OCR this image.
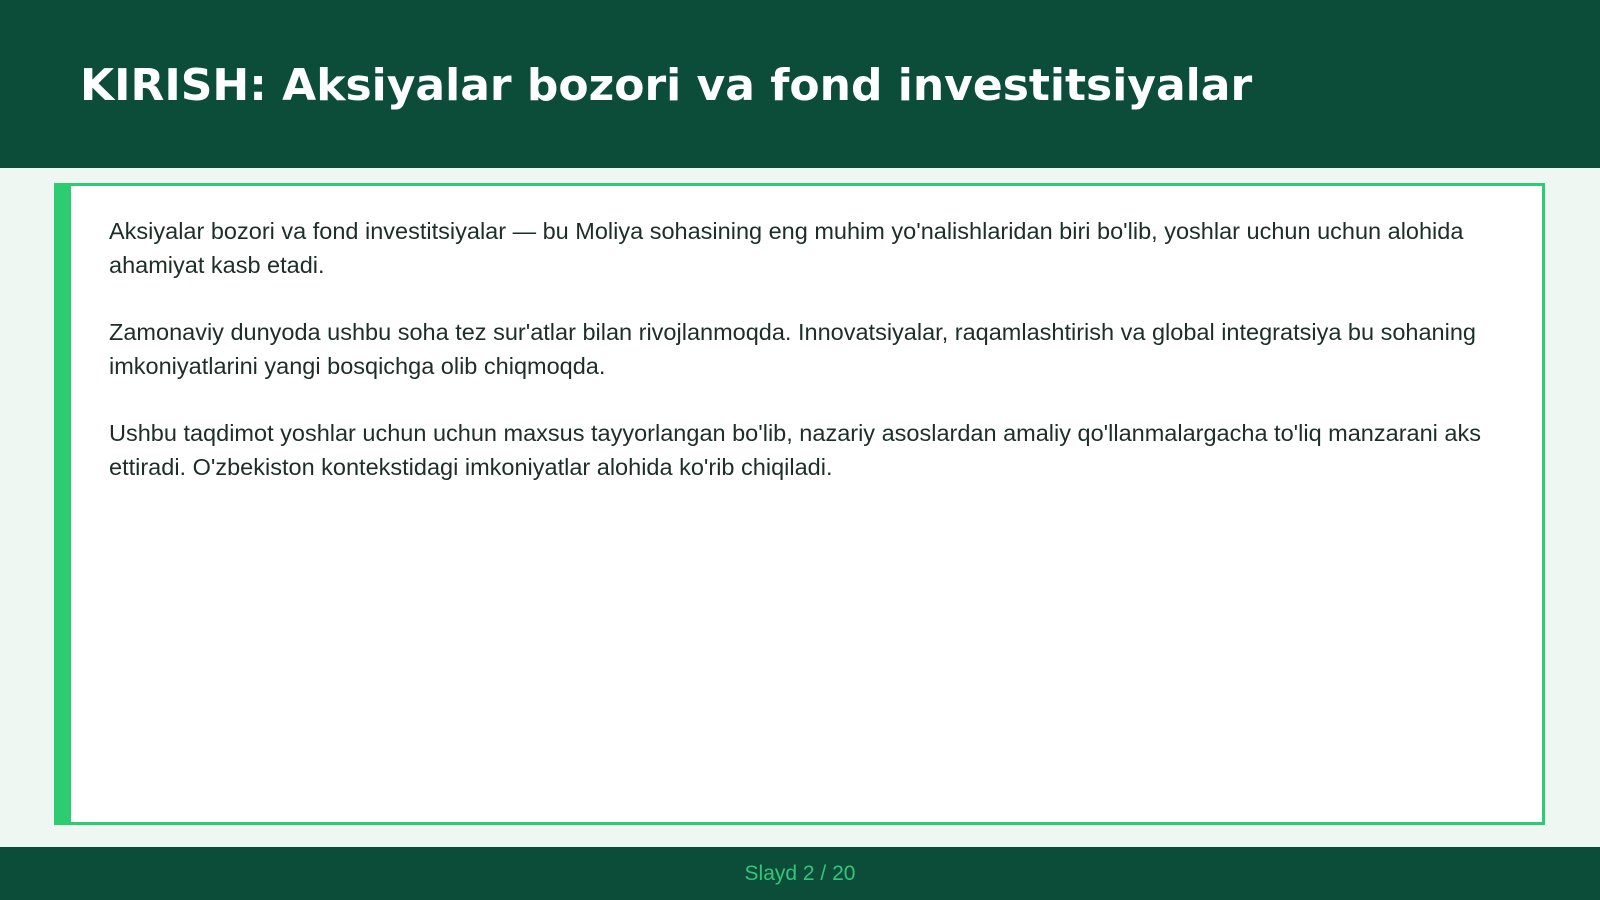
KIRISH: Aksiyalar bozori va fond investitsiyalar

Aksiyalar bozori va fond investitsiyalar — bu Moliya sohasining eng muhim yo'nalishlaridan biri bo'lib, yoshlar uchun uchun alohida ahamiyat kasb etadi.

Zamonaviy dunyoda ushbu soha tez sur'atlar bilan rivojlanmoqda. Innovatsiyalar, raqamlashtirish va global integratsiya bu sohaning imkoniyatlarini yangi bosqichga olib chiqmoqda.

Ushbu taqdimot yoshlar uchun uchun maxsus tayyorlangan bo'lib, nazariy asoslardan amaliy qo'llanmalargacha to'liq manzarani aks ettiradi. O'zbekiston kontekstidagi imkoniyatlar alohida ko'rib chiqiladi.

Slayd 2 / 20
